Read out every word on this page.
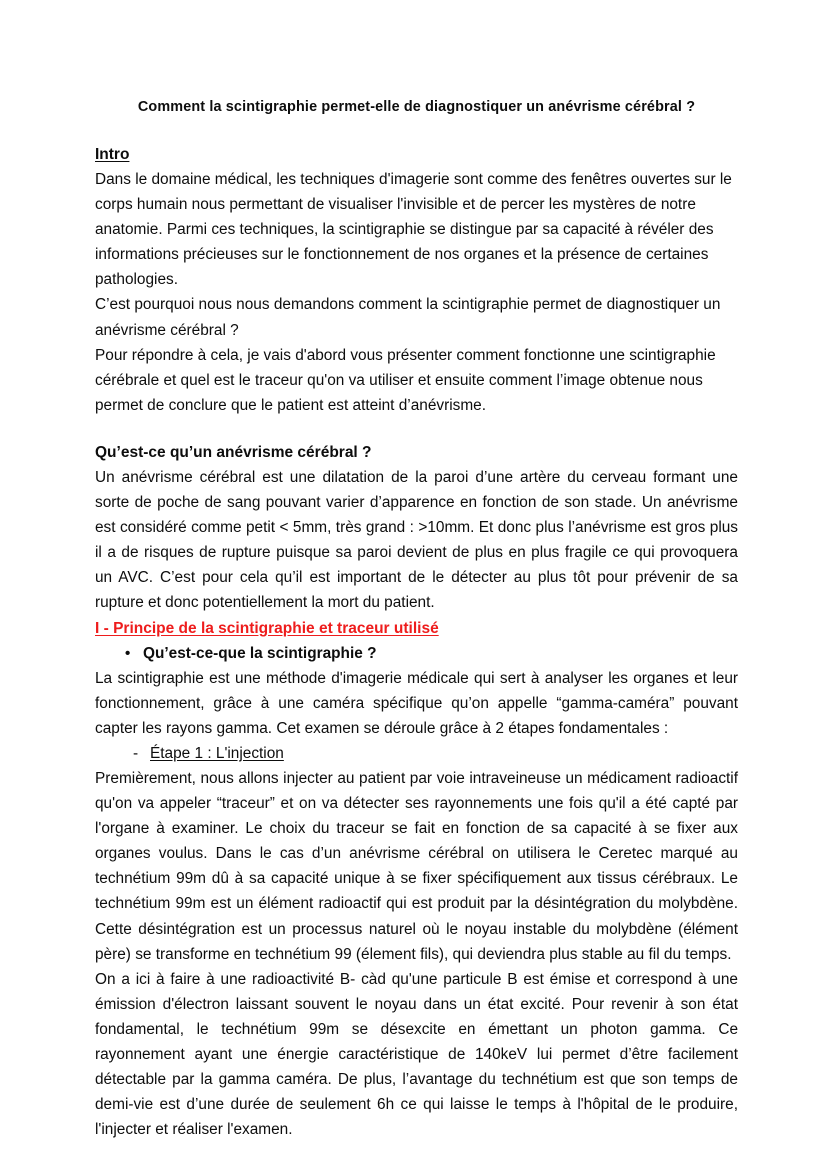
Comment la scintigraphie permet-elle de diagnostiquer un anévrisme cérébral ?
Intro

Dans le domaine médical, les techniques d'imagerie sont comme des fenêtres ouvertes sur le corps humain nous permettant de visualiser l'invisible et de percer les mystères de notre anatomie. Parmi ces techniques, la scintigraphie se distingue par sa capacité à révéler des informations précieuses sur le fonctionnement de nos organes et la présence de certaines pathologies.

C’est pourquoi nous nous demandons comment la scintigraphie permet de diagnostiquer un anévrisme cérébral ?

Pour répondre à cela, je vais d'abord vous présenter comment fonctionne une scintigraphie cérébrale et quel est le traceur qu'on va utiliser et ensuite comment l’image obtenue nous permet de conclure que le patient est atteint d’anévrisme.

Qu’est-ce qu’un anévrisme cérébral ?

Un anévrisme cérébral est une dilatation de la paroi d’une artère du cerveau formant une sorte de poche de sang pouvant varier d’apparence en fonction de son stade. Un anévrisme est considéré comme petit < 5mm, très grand : >10mm. Et donc plus l’anévrisme est gros plus il a de risques de rupture puisque sa paroi devient de plus en plus fragile ce qui provoquera un AVC. C’est pour cela qu’il est important de le détecter au plus tôt pour prévenir de sa rupture et donc potentiellement la mort du patient.

I - Principe de la scintigraphie et traceur utilisé
• Qu’est-ce-que la scintigraphie ?

La scintigraphie est une méthode d'imagerie médicale qui sert à analyser les organes et leur fonctionnement, grâce à une caméra spécifique qu’on appelle “gamma-caméra” pouvant capter les rayons gamma. Cet examen se déroule grâce à 2 étapes fondamentales :

- Étape 1 : L'injection

Premièrement, nous allons injecter au patient par voie intraveineuse un médicament radioactif qu'on va appeler “traceur” et on va détecter ses rayonnements une fois qu'il a été capté par l'organe à examiner. Le choix du traceur se fait en fonction de sa capacité à se fixer aux organes voulus. Dans le cas d’un anévrisme cérébral on utilisera le Ceretec marqué au technétium 99m dû à sa capacité unique à se fixer spécifiquement aux tissus cérébraux. Le technétium 99m est un élément radioactif qui est produit par la désintégration du molybdène. Cette désintégration est un processus naturel où le noyau instable du molybdène (élément père) se transforme en technétium 99 (élement fils), qui deviendra plus stable au fil du temps.

On a ici à faire à une radioactivité B- càd qu'une particule B est émise et correspond à une émission d'électron laissant souvent le noyau dans un état excité. Pour revenir à son état fondamental, le technétium 99m se désexcite en émettant un photon gamma. Ce rayonnement ayant une énergie caractéristique de 140keV lui permet d’être facilement détectable par la gamma caméra. De plus, l’avantage du technétium est que son temps de demi-vie est d’une durée de seulement 6h ce qui laisse le temps à l'hôpital de le produire, l'injecter et réaliser l'examen.
